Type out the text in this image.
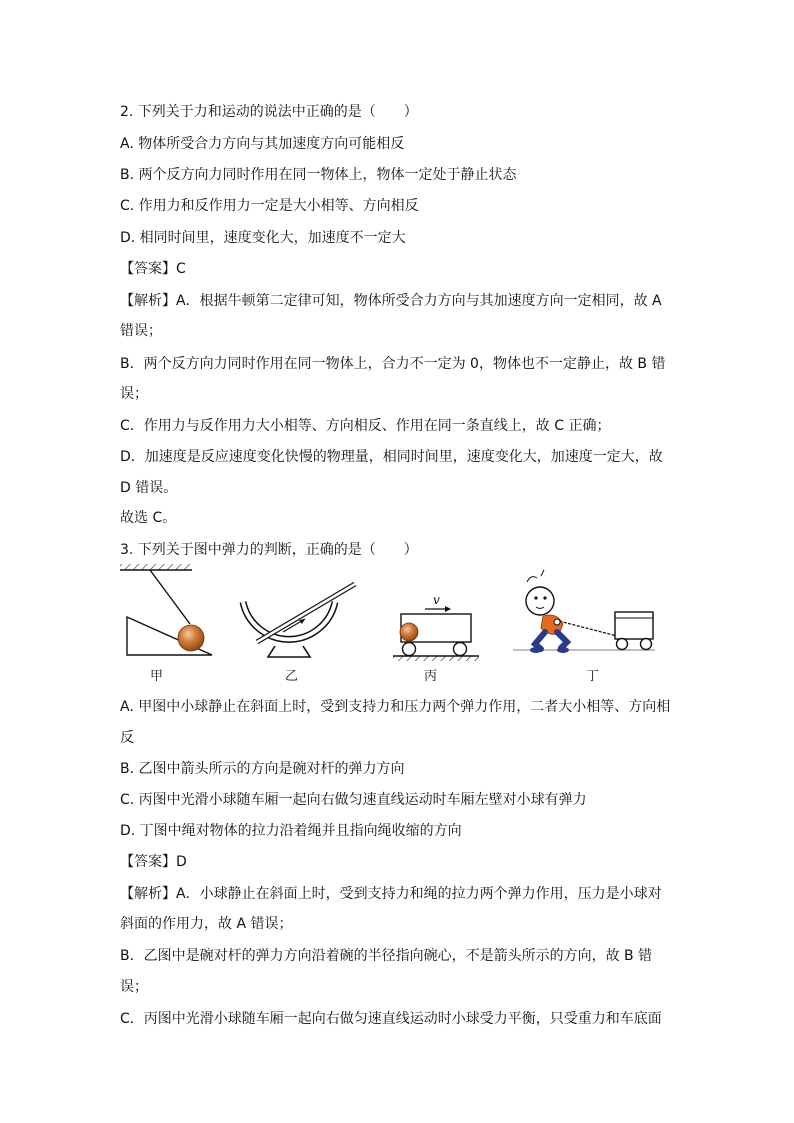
2. 下列关于力和运动的说法中正确的是（　　）
A. 物体所受合力方向与其加速度方向可能相反
B. 两个反方向力同时作用在同一物体上，物体一定处于静止状态
C. 作用力和反作用力一定是大小相等、方向相反
D. 相同时间里，速度变化大，加速度不一定大
【答案】C
【解析】A．根据牛顿第二定律可知，物体所受合力方向与其加速度方向一定相同，故 A
错误；
B．两个反方向力同时作用在同一物体上，合力不一定为 0，物体也不一定静止，故 B 错
误；
C．作用力与反作用力大小相等、方向相反、作用在同一条直线上，故 C 正确；
D．加速度是反应速度变化快慢的物理量，相同时间里，速度变化大，加速度一定大，故
D 错误。
故选 C。
3. 下列关于图中弹力的判断，正确的是（　　）
v
甲	乙	丙	丁
A. 甲图中小球静止在斜面上时，受到支持力和压力两个弹力作用，二者大小相等、方向相
反
B. 乙图中箭头所示的方向是碗对杆的弹力方向
C. 丙图中光滑小球随车厢一起向右做匀速直线运动时车厢左壁对小球有弹力
D. 丁图中绳对物体的拉力沿着绳并且指向绳收缩的方向
【答案】D
【解析】A．小球静止在斜面上时，受到支持力和绳的拉力两个弹力作用，压力是小球对
斜面的作用力，故 A 错误；
B．乙图中是碗对杆的弹力方向沿着碗的半径指向碗心，不是箭头所示的方向，故 B 错
误；
C．丙图中光滑小球随车厢一起向右做匀速直线运动时小球受力平衡，只受重力和车底面
